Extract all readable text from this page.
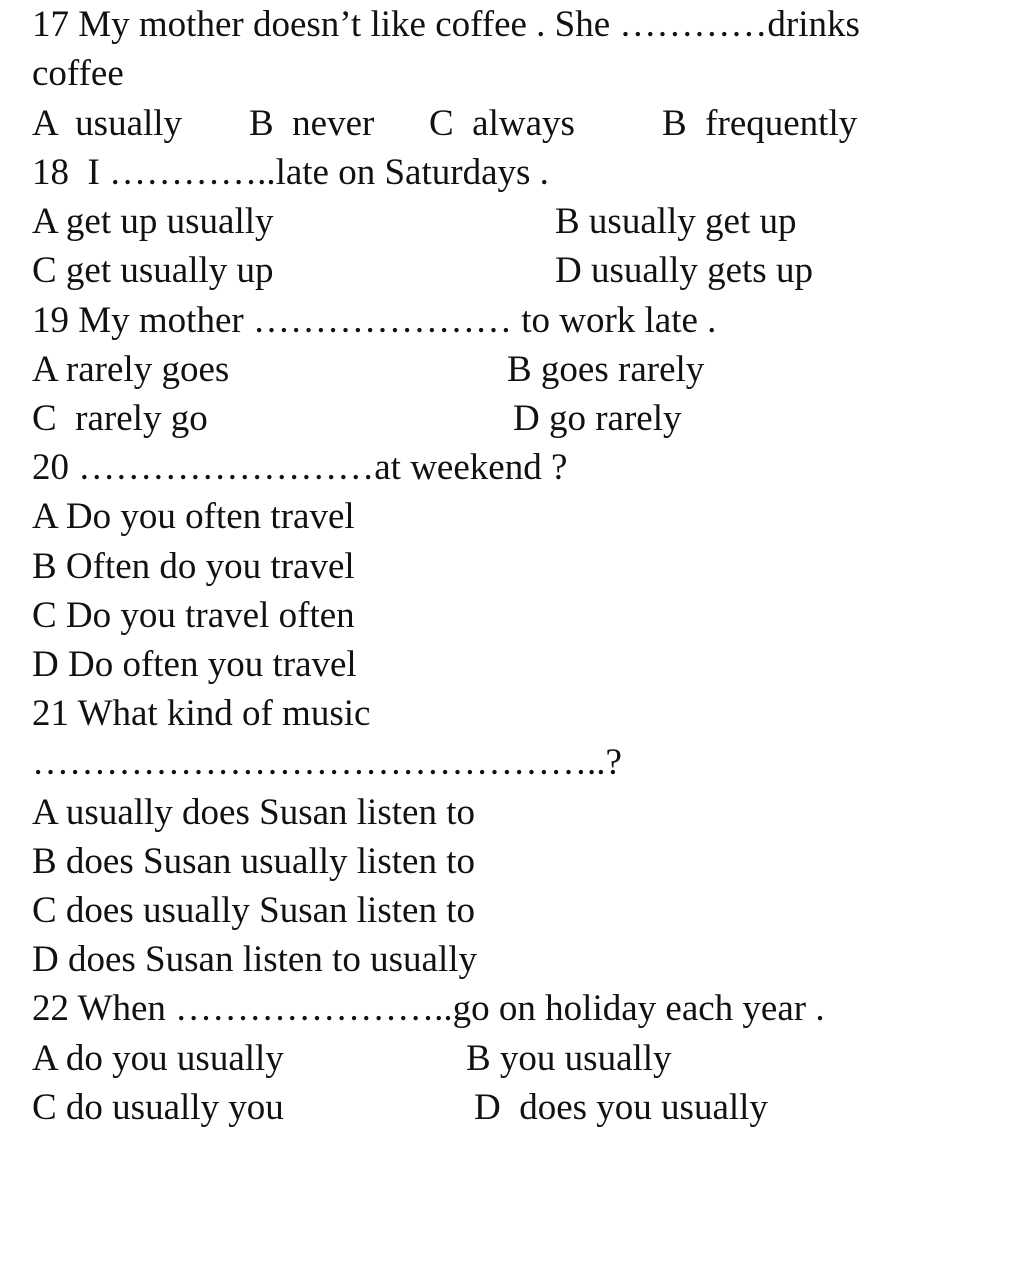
17 My mother doesn’t like coffee . She …………drinks

coffee

A  usually B  never C  always B  frequently

18  I …………..late on Saturdays .

A get up usually	B usually get up

C get usually up	D usually gets up

19 My mother ………………… to work late .

A rarely goes	B goes rarely

C  rarely go	D go rarely

20 ……………………at weekend ?

A Do you often travel

B Often do you travel

C Do you travel often

D Do often you travel

21 What kind of music

………………………………………..?

A usually does Susan listen to

B does Susan usually listen to

C does usually Susan listen to

D does Susan listen to usually

22 When …………………..go on holiday each year .

A do you usually	B you usually

C do usually you	D  does you usually
